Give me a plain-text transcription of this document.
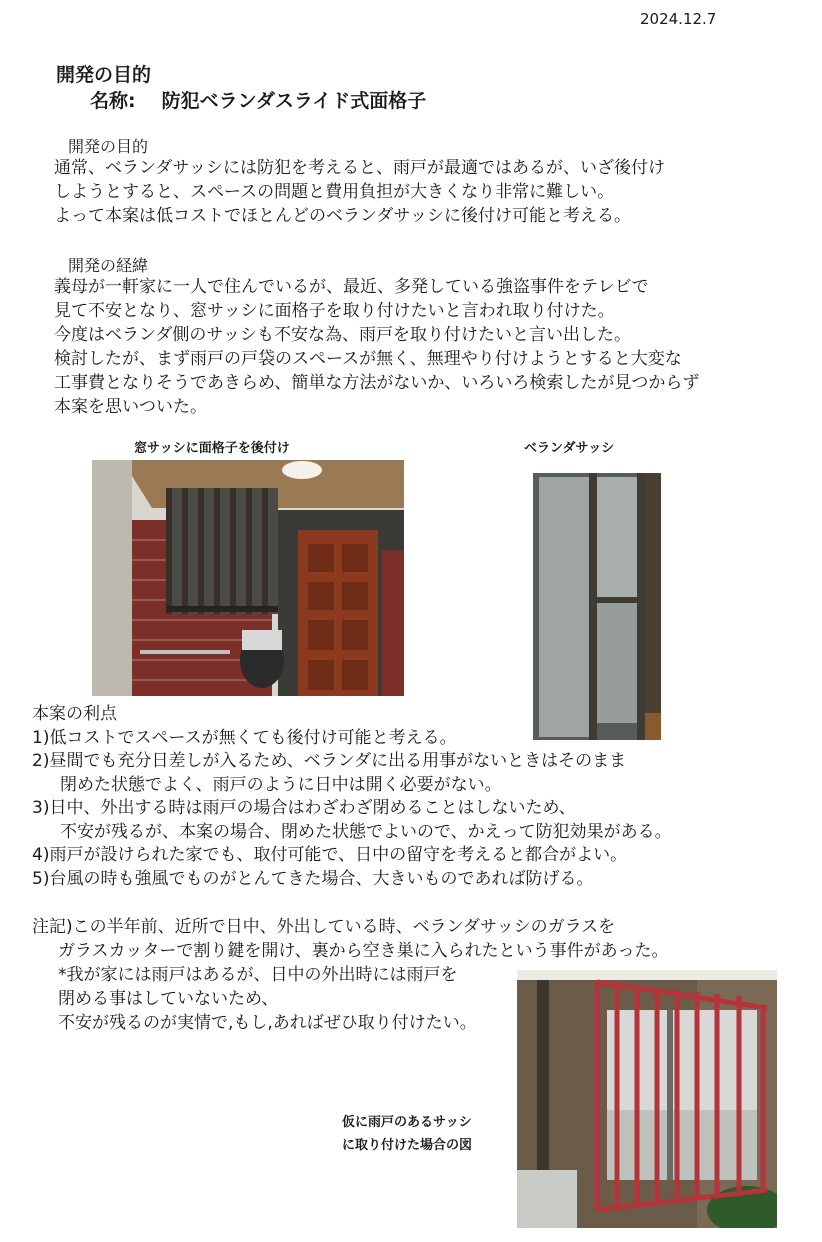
2024.12.7
開発の目的
名称: 防犯ベランダスライド式面格子
開発の目的
通常、ベランダサッシには防犯を考えると、雨戸が最適ではあるが、いざ後付け
しようとすると、スペースの問題と費用負担が大きくなり非常に難しい。
よって本案は低コストでほとんどのベランダサッシに後付け可能と考える。
開発の経緯
義母が一軒家に一人で住んでいるが、最近、多発している強盗事件をテレビで
見て不安となり、窓サッシに面格子を取り付けたいと言われ取り付けた。
今度はベランダ側のサッシも不安な為、雨戸を取り付けたいと言い出した。
検討したが、まず雨戸の戸袋のスペースが無く、無理やり付けようとすると大変な
工事費となりそうであきらめ、簡単な方法がないか、いろいろ検索したが見つからず
本案を思いついた。
窓サッシに面格子を後付け	ベランダサッシ
本案の利点
1)低コストでスペースが無くても後付け可能と考える。
2)昼間でも充分日差しが入るため、ベランダに出る用事がないときはそのまま
閉めた状態でよく、雨戸のように日中は開く必要がない。
3)日中、外出する時は雨戸の場合はわざわざ閉めることはしないため、
不安が残るが、本案の場合、閉めた状態でよいので、かえって防犯効果がある。
4)雨戸が設けられた家でも、取付可能で、日中の留守を考えると都合がよい。
5)台風の時も強風でものがとんてきた場合、大きいものであれば防げる。
注記)この半年前、近所で日中、外出している時、ベランダサッシのガラスを
ガラスカッターで割り鍵を開け、裏から空き巣に入られたという事件があった。
*我が家には雨戸はあるが、日中の外出時には雨戸を
閉める事はしていないため、
不安が残るのが実情で,もし,あればぜひ取り付けたい。
仮に雨戸のあるサッシ
に取り付けた場合の図
